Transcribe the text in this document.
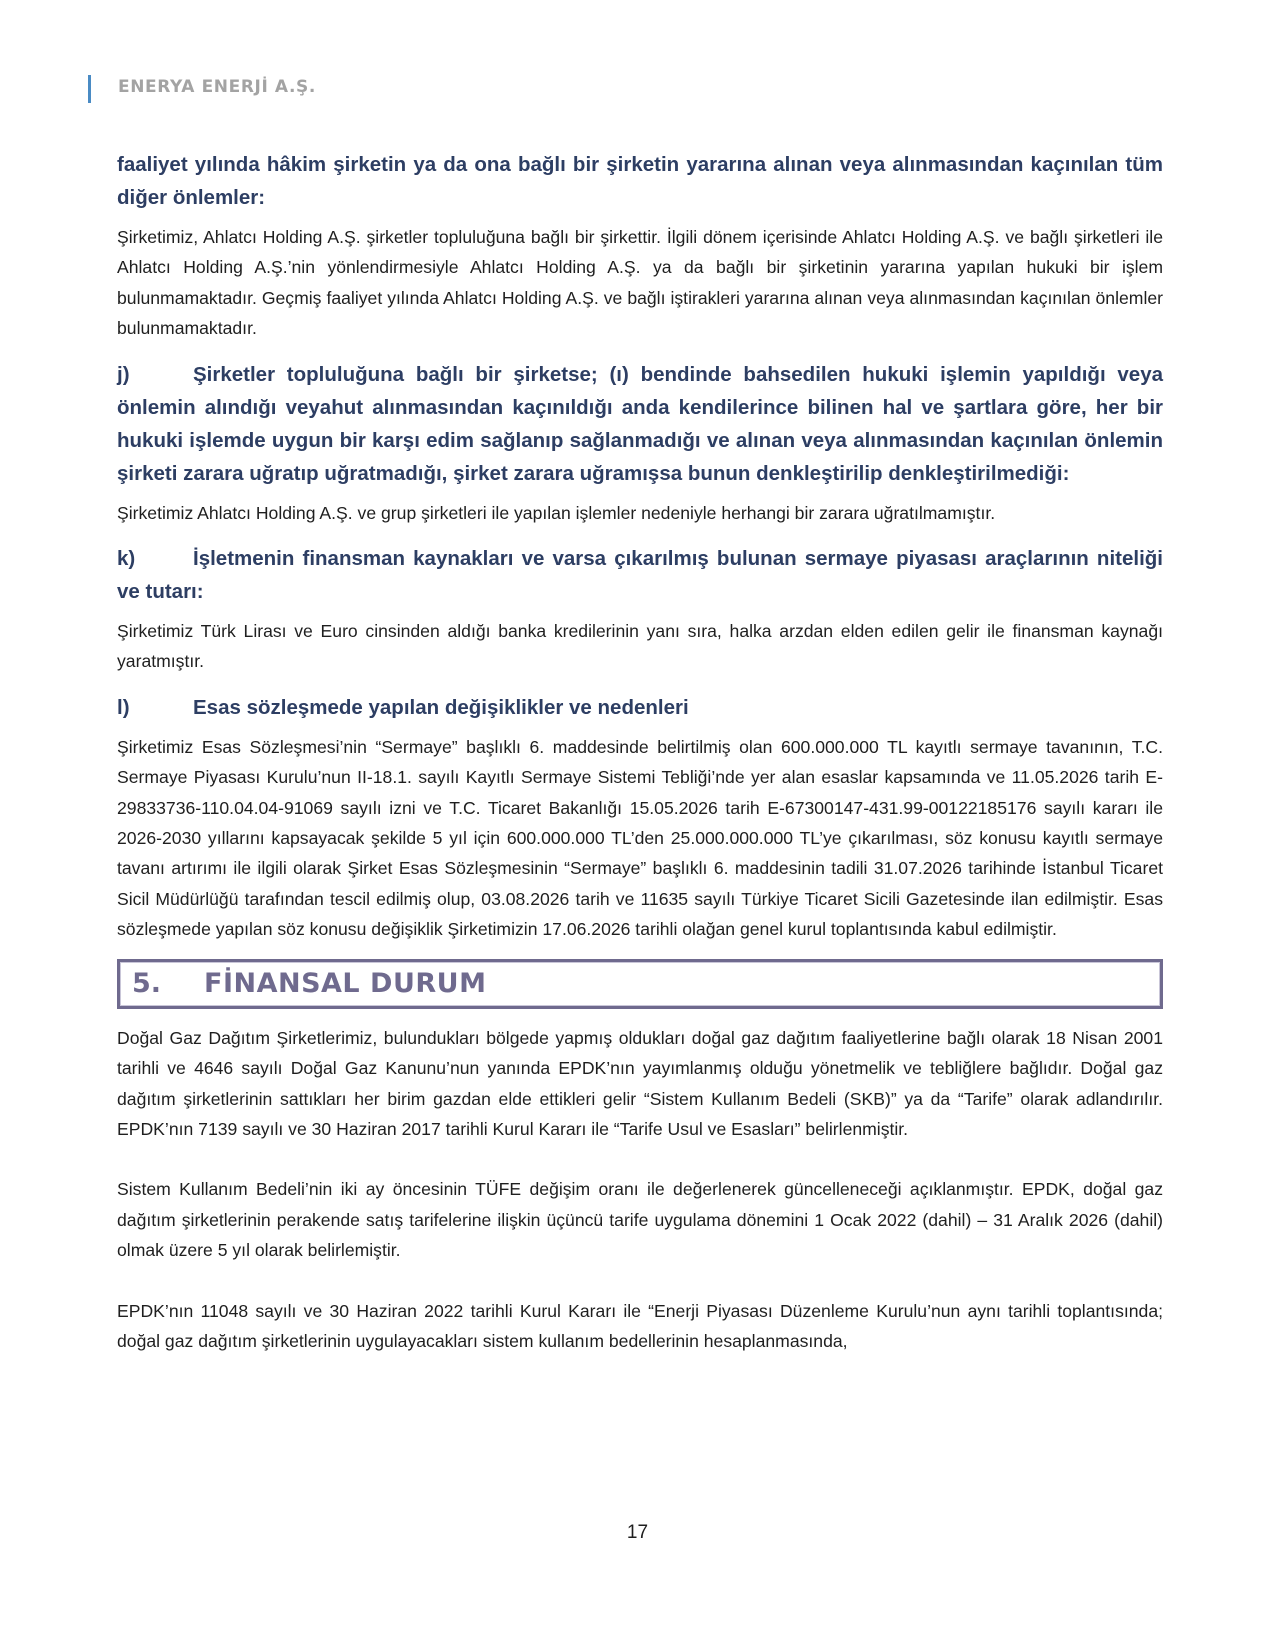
ENERYA ENERJİ A.Ş.
faaliyet yılında hâkim şirketin ya da ona bağlı bir şirketin yararına alınan veya alınmasından kaçınılan tüm diğer önlemler:

Şirketimiz, Ahlatcı Holding A.Ş. şirketler topluluğuna bağlı bir şirkettir. İlgili dönem içerisinde Ahlatcı Holding A.Ş. ve bağlı şirketleri ile Ahlatcı Holding A.Ş.’nin yönlendirmesiyle Ahlatcı Holding A.Ş. ya da bağlı bir şirketinin yararına yapılan hukuki bir işlem bulunmamaktadır. Geçmiş faaliyet yılında Ahlatcı Holding A.Ş. ve bağlı iştirakleri yararına alınan veya alınmasından kaçınılan önlemler bulunmamaktadır.

j)	Şirketler topluluğuna bağlı bir şirketse; (ı) bendinde bahsedilen hukuki işlemin yapıldığı veya önlemin alındığı veyahut alınmasından kaçınıldığı anda kendilerince bilinen hal ve şartlara göre, her bir hukuki işlemde uygun bir karşı edim sağlanıp sağlanmadığı ve alınan veya alınmasından kaçınılan önlemin şirketi zarara uğratıp uğratmadığı, şirket zarara uğramışsa bunun denkleştirilip denkleştirilmediği:

Şirketimiz Ahlatcı Holding A.Ş. ve grup şirketleri ile yapılan işlemler nedeniyle herhangi bir zarara uğratılmamıştır.

k)	İşletmenin finansman kaynakları ve varsa çıkarılmış bulunan sermaye piyasası araçlarının niteliği ve tutarı:

Şirketimiz Türk Lirası ve Euro cinsinden aldığı banka kredilerinin yanı sıra, halka arzdan elden edilen gelir ile finansman kaynağı yaratmıştır.

l)	Esas sözleşmede yapılan değişiklikler ve nedenleri

Şirketimiz Esas Sözleşmesi’nin “Sermaye” başlıklı 6. maddesinde belirtilmiş olan 600.000.000 TL kayıtlı sermaye tavanının, T.C. Sermaye Piyasası Kurulu’nun II-18.1. sayılı Kayıtlı Sermaye Sistemi Tebliği’nde yer alan esaslar kapsamında ve 11.05.2026 tarih E-29833736-110.04.04-91069 sayılı izni ve T.C. Ticaret Bakanlığı 15.05.2026 tarih E-67300147-431.99-00122185176 sayılı kararı ile 2026-2030 yıllarını kapsayacak şekilde 5 yıl için 600.000.000 TL’den 25.000.000.000 TL’ye çıkarılması, söz konusu kayıtlı sermaye tavanı artırımı ile ilgili olarak Şirket Esas Sözleşmesinin “Sermaye” başlıklı 6. maddesinin tadili 31.07.2026 tarihinde İstanbul Ticaret Sicil Müdürlüğü tarafından tescil edilmiş olup, 03.08.2026 tarih ve 11635 sayılı Türkiye Ticaret Sicili Gazetesinde ilan edilmiştir. Esas sözleşmede yapılan söz konusu değişiklik Şirketimizin 17.06.2026 tarihli olağan genel kurul toplantısında kabul edilmiştir.

5.	FİNANSAL DURUM

Doğal Gaz Dağıtım Şirketlerimiz, bulundukları bölgede yapmış oldukları doğal gaz dağıtım faaliyetlerine bağlı olarak 18 Nisan 2001 tarihli ve 4646 sayılı Doğal Gaz Kanunu’nun yanında EPDK’nın yayımlanmış olduğu yönetmelik ve tebliğlere bağlıdır. Doğal gaz dağıtım şirketlerinin sattıkları her birim gazdan elde ettikleri gelir “Sistem Kullanım Bedeli (SKB)” ya da “Tarife” olarak adlandırılır. EPDK’nın 7139 sayılı ve 30 Haziran 2017 tarihli Kurul Kararı ile “Tarife Usul ve Esasları” belirlenmiştir.

Sistem Kullanım Bedeli’nin iki ay öncesinin TÜFE değişim oranı ile değerlenerek güncelleneceği açıklanmıştır. EPDK, doğal gaz dağıtım şirketlerinin perakende satış tarifelerine ilişkin üçüncü tarife uygulama dönemini 1 Ocak 2022 (dahil) – 31 Aralık 2026 (dahil) olmak üzere 5 yıl olarak belirlemiştir.

EPDK’nın 11048 sayılı ve 30 Haziran 2022 tarihli Kurul Kararı ile “Enerji Piyasası Düzenleme Kurulu’nun aynı tarihli toplantısında; doğal gaz dağıtım şirketlerinin uygulayacakları sistem kullanım bedellerinin hesaplanmasında,

17
